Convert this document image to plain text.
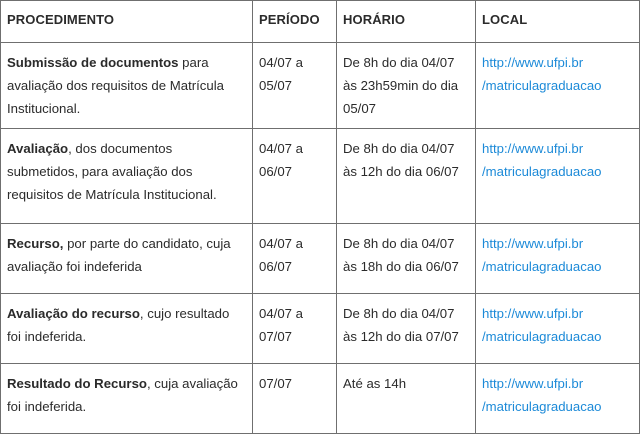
PROCEDIMENTO	PERÍODO	HORÁRIO	LOCAL
Submissão de documentos para avaliação dos requisitos de Matrícula Institucional.	04/07 a
05/07	De 8h do dia 04/07 às 23h59min do dia 05/07	http://www.ufpi.br
/matriculagraduacao

Avaliação, dos documentos submetidos, para avaliação dos requisitos de Matrícula Institucional.	04/07 a
06/07	De 8h do dia 04/07 às 12h do dia 06/07	http://www.ufpi.br
/matriculagraduacao

Recurso, por parte do candidato, cuja avaliação foi indeferida	04/07 a
06/07	De 8h do dia 04/07 às 18h do dia 06/07	http://www.ufpi.br
/matriculagraduacao

Avaliação do recurso, cujo resultado foi indeferida.	04/07 a
07/07	De 8h do dia 04/07 às 12h do dia 07/07	http://www.ufpi.br
/matriculagraduacao

Resultado do Recurso, cuja avaliação foi indeferida.	07/07	Até as 14h	http://www.ufpi.br
/matriculagraduacao
